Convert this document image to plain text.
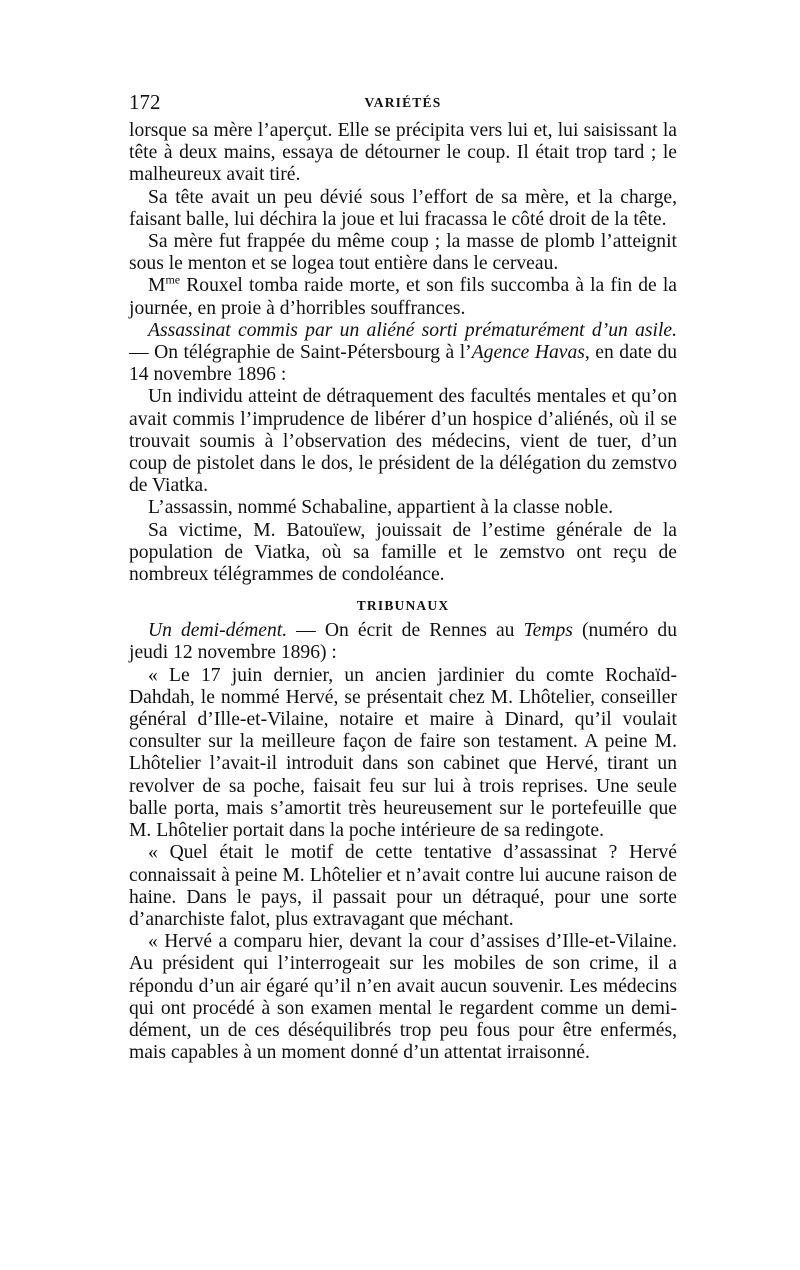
172	VARIÉTÉS

lorsque sa mère l’aperçut. Elle se précipita vers lui et, lui saisissant la tête à deux mains, essaya de détourner le coup. Il était trop tard ; le malheureux avait tiré.

Sa tête avait un peu dévié sous l’effort de sa mère, et la charge, faisant balle, lui déchira la joue et lui fracassa le côté droit de la tête.

Sa mère fut frappée du même coup ; la masse de plomb l’atteignit sous le menton et se logea tout entière dans le cerveau.

$M^{me}$ Rouxel tomba raide morte, et son fils succomba à la fin de la journée, en proie à d’horribles souffrances.

Assassinat commis par un aliéné sorti prématurément d’un asile. — On télégraphie de Saint-Pétersbourg à l’Agence Havas, en date du 14 novembre 1896 :

Un individu atteint de détraquement des facultés mentales et qu’on avait commis l’imprudence de libérer d’un hospice d’aliénés, où il se trouvait soumis à l’observation des médecins, vient de tuer, d’un coup de pistolet dans le dos, le président de la délégation du zemstvo de Viatka.

L’assassin, nommé Schabaline, appartient à la classe noble.

Sa victime, M. Batouïew, jouissait de l’estime générale de la population de Viatka, où sa famille et le zemstvo ont reçu de nombreux télégrammes de condoléance.

TRIBUNAUX

Un demi-dément. — On écrit de Rennes au Temps (numéro du jeudi 12 novembre 1896) :

« Le 17 juin dernier, un ancien jardinier du comte Rochaïd-Dahdah, le nommé Hervé, se présentait chez M. Lhôtelier, conseiller général d’Ille-et-Vilaine, notaire et maire à Dinard, qu’il voulait consulter sur la meilleure façon de faire son testament. A peine M. Lhôtelier l’avait-il introduit dans son cabinet que Hervé, tirant un revolver de sa poche, faisait feu sur lui à trois reprises. Une seule balle porta, mais s’amortit très heureusement sur le portefeuille que M. Lhôtelier portait dans la poche intérieure de sa redingote.

« Quel était le motif de cette tentative d’assassinat ? Hervé connaissait à peine M. Lhôtelier et n’avait contre lui aucune raison de haine. Dans le pays, il passait pour un détraqué, pour une sorte d’anarchiste falot, plus extravagant que méchant.

« Hervé a comparu hier, devant la cour d’assises d’Ille-et-Vilaine. Au président qui l’interrogeait sur les mobiles de son crime, il a répondu d’un air égaré qu’il n’en avait aucun souvenir. Les médecins qui ont procédé à son examen mental le regardent comme un demi-dément, un de ces déséquilibrés trop peu fous pour être enfermés, mais capables à un moment donné d’un attentat irraisonné.
